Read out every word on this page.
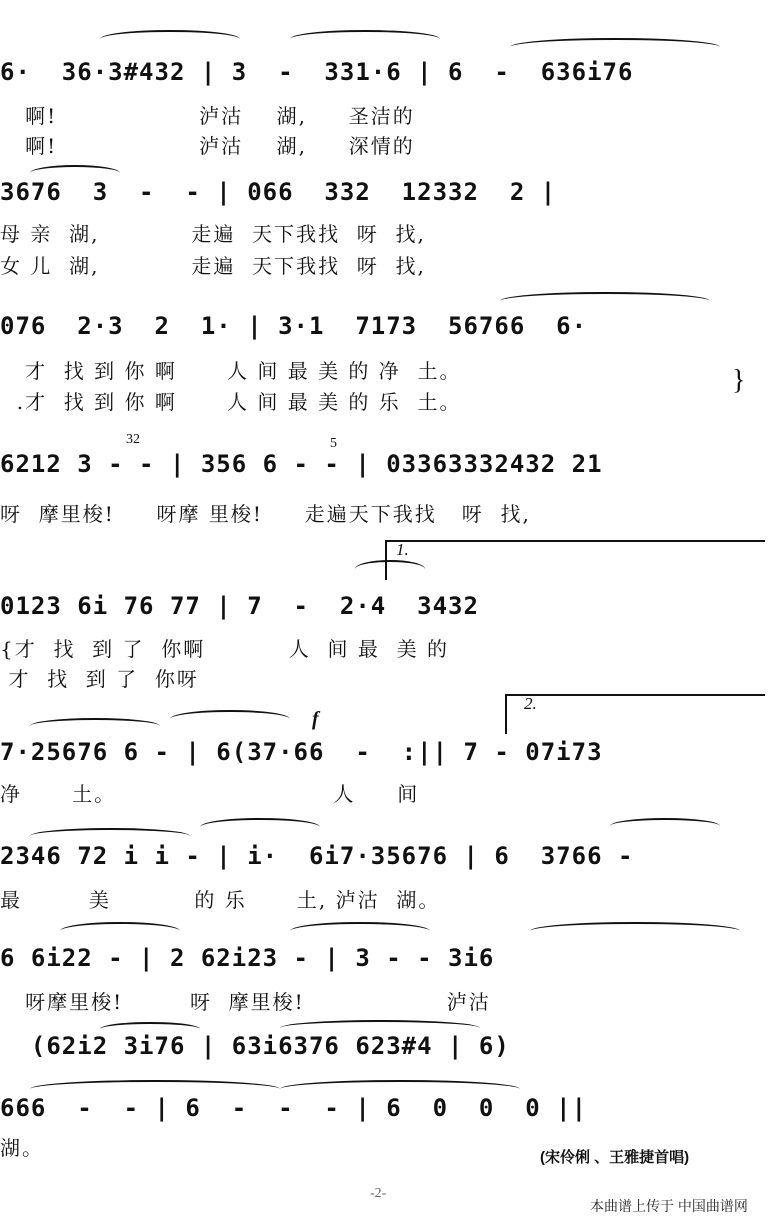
6·  36·3#432 | 3  -  331·6 | 6  -  636i76
啊!                 泸沽    湖,     圣洁的
啊!                 泸沽    湖,     深情的
3676  3  -  - | 066  332  12332  2 |
母 亲  湖,           走遍  天下我找  呀  找,
女 儿  湖,           走遍  天下我找  呀  找,
076  2·3  2  1· | 3·1  7173  56766  6·
才  找 到 你 啊      人 间 最 美 的 净  土。
.才  找 到 你 啊      人 间 最 美 的 乐  土。
}
32	5
6212 3 - - | 356 6 - - | 03363332432 21
呀  摩里梭!     呀摩 里梭!     走遍天下我找   呀  找,
1.
0123 6i 76 77 | 7  -  2·4  3432
{才  找  到 了  你啊          人  间 最  美 的
才  找  到 了  你呀
2.
f
7·25676 6 - | 6(37·66  -  :|| 7 - 07i73
净      土。                          人     间
2346 72 i i - | i·  6i7·35676 | 6  3766 -
最        美          的 乐      土, 泸沽  湖。
6 6i22 - | 2 62i23 - | 3 - - 3i6
呀摩里梭!        呀  摩里梭!                 泸沽
(62i2 3i76 | 63i6376 623#4 | 6)
666  -  - | 6  -  -  - | 6  0  0  0 ||
湖。	(宋伶俐 、王雅捷首唱)
-2-
本曲谱上传于 中国曲谱网
